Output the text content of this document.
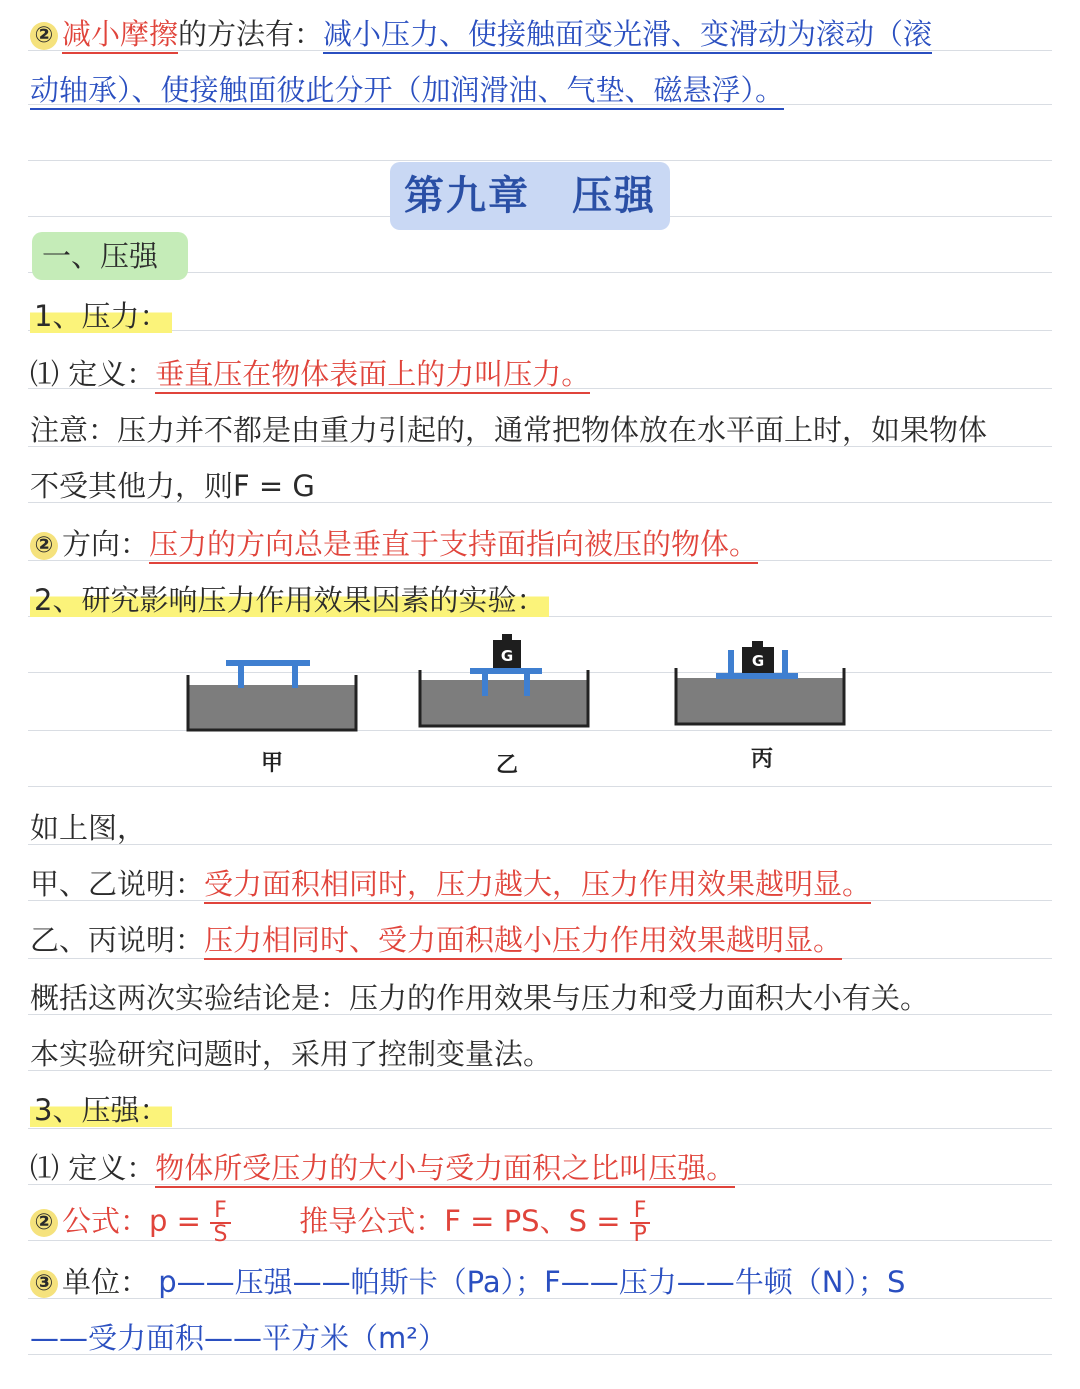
② 减小摩擦的方法有：减小压力、使接触面变光滑、变滑动为滚动（滚
动轴承）、使接触面彼此分开（加润滑油、气垫、磁悬浮）。
第九章　压强
一、压强
1、压力：
⑴ 定义：垂直压在物体表面上的力叫压力。
注意：压力并不都是由重力引起的，通常把物体放在水平面上时，如果物体
不受其他力，则F = G
② 方向：压力的方向总是垂直于支持面指向被压的物体。
2、研究影响压力作用效果因素的实验：
甲
G
乙
G
丙
如上图，
甲、乙说明：受力面积相同时，压力越大，压力作用效果越明显。
乙、丙说明：压力相同时、受力面积越小压力作用效果越明显。
概括这两次实验结论是：压力的作用效果与压力和受力面积大小有关。
本实验研究问题时，采用了控制变量法。
3、压强：
⑴ 定义：物体所受压力的大小与受力面积之比叫压强。
② 公式：$p = \frac{F}{S}$ 推导公式：F = PS、$S = \frac{F}{P}$
③ 单位： p——压强——帕斯卡（Pa）；F——压力——牛顿（N）；S
——受力面积——平方米（m²）
